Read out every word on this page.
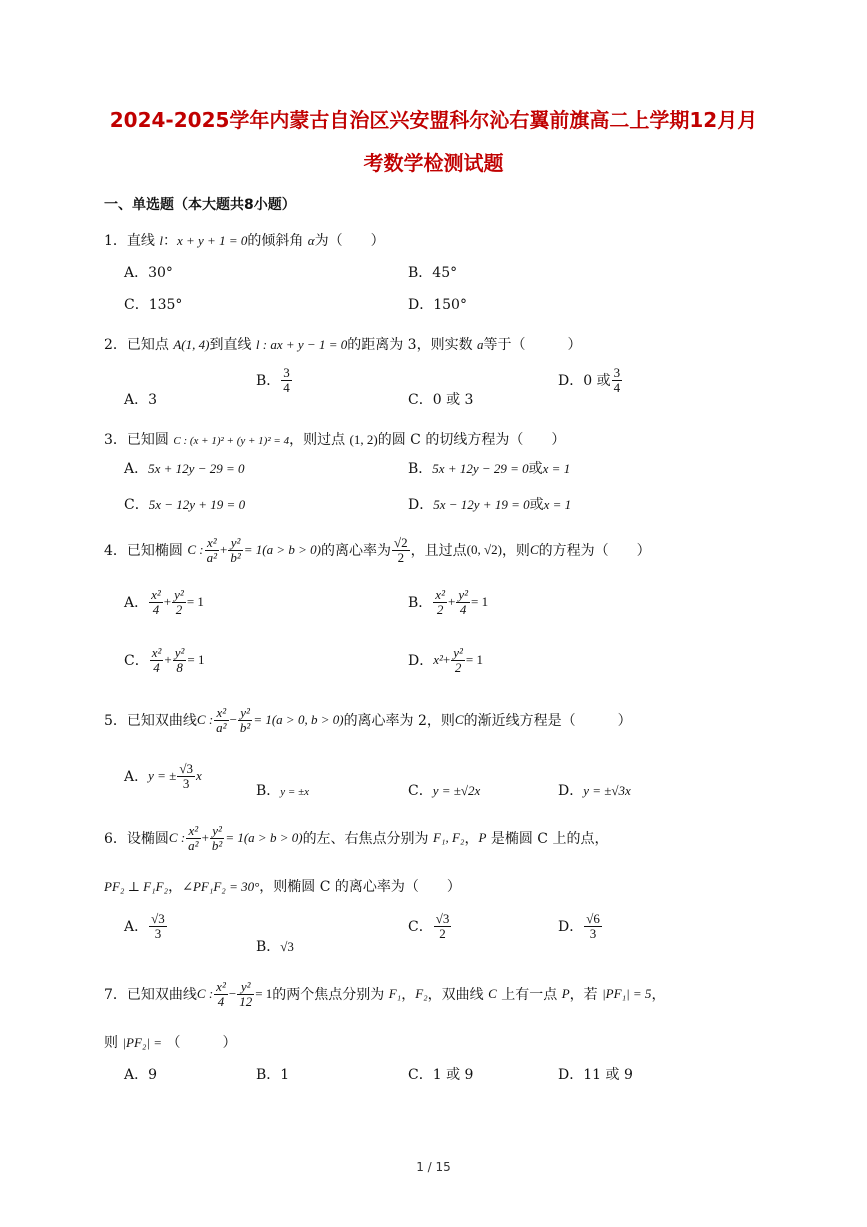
2024-2025学年内蒙古自治区兴安盟科尔沁右翼前旗高二上学期12月月
考数学检测试题
一、单选题（本大题共8小题）
1．直线 l：x + y + 1 = 0的倾斜角 α为（　　）
A．30°	B．45°
C．135°	D．150°
2．已知点 A(1, 4)到直线 l : ax + y − 1 = 0的距离为 3，则实数 a等于（　　　）
A．3
B． $\frac{3}{4}$
C．0 或 3
D．0 或 $\frac{3}{4}$
3．已知圆 C : (x + 1)² + (y + 1)² = 4，则过点 (1, 2)的圆 C 的切线方程为（　　）
A．5x + 12y − 29 = 0	B．5x + 12y − 29 = 0或x = 1
C．5x − 12y + 19 = 0	D．5x − 12y + 19 = 0或x = 1
4．已知椭圆 C : $\frac{\text{x²}}{\text{a²}} + \frac{\text{y²}}{\text{b²}} = 1(a > b > 0)$的离心率为 $\frac{√2}{2}$ ，且过点(0, √2)，则C的方程为（　　）
A． $\frac{\text{x²}}{4} + \frac{\text{y²}}{2} = 1$	B． $\frac{\text{x²}}{2} + \frac{\text{y²}}{4} = 1$
C． $\frac{\text{x²}}{4} + \frac{\text{y²}}{8} = 1$	D．$x^2+ \frac{\text{y²}}{2} = 1$
5．已知双曲线C : $\frac{\text{x²}}{\text{a²}} - \frac{\text{y²}}{\text{b²}} = 1(a > 0$, b > 0)的离心率为 2，则C的渐近线方程是（　　　）
A．y = ± $\frac{√3}{3}$ x
B．y = ±x	C．y = ±√2x	D．y = ±√3x
6．设椭圆C : $\frac{\text{x²}}{\text{a²}} + \frac{\text{y²}}{\text{b²}} = 1(a > b > 0)$的左、右焦点分别为 F₁, F₂，P 是椭圆 C 上的点，
PF₂ ⊥ F₁F₂，∠PF₁F₂ = 30°，则椭圆 C 的离心率为（　　）
A． $\frac{√3}{3}$
B．√3
C． $\frac{√3}{2}$	D． $\frac{√6}{3}$
7．已知双曲线C : $\frac{\text{x²}}{4} - \frac{\text{y²}}{12} = 1$的两个焦点分别为 F₁，F₂，双曲线 C 上有一点 P，若 |PF₁| = 5，
则 |PF₂| = （　　　）
A．9	B．1	C．1 或 9	D．11 或 9
1 / 15
